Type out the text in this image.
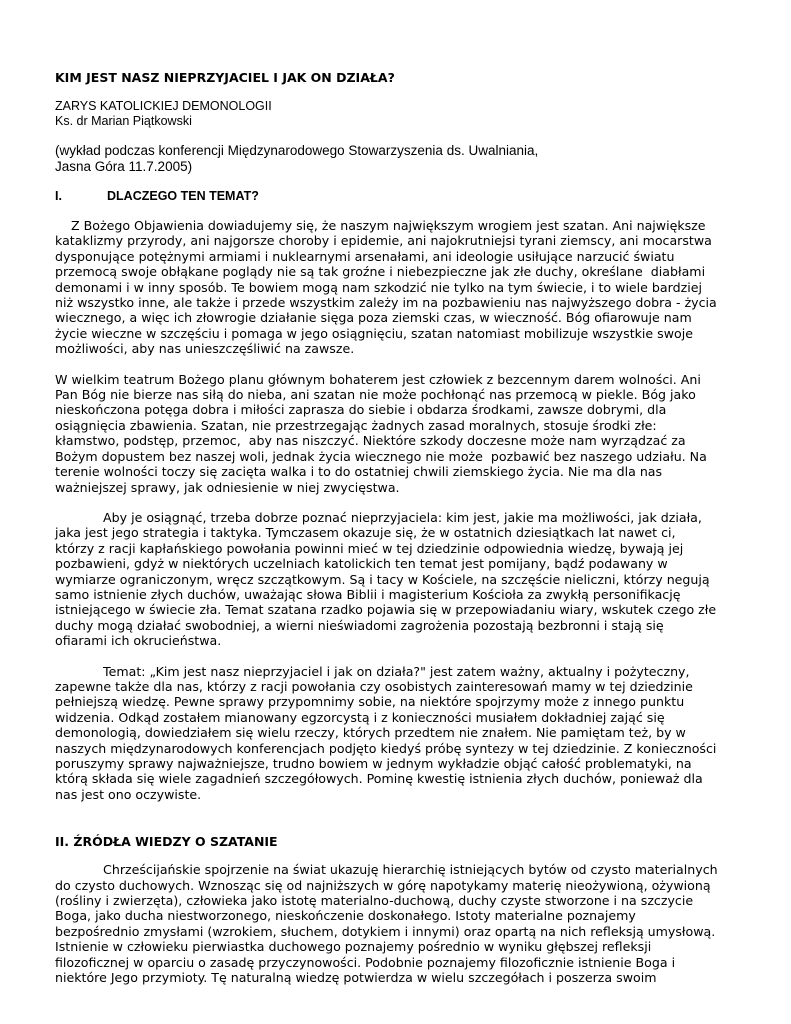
KIM JEST NASZ NIEPRZYJACIEL I JAK ON DZIAŁA?
ZARYS KATOLICKIEJ DEMONOLOGII
Ks. dr Marian Piątkowski
(wykład podczas konferencji Międzynarodowego Stowarzyszenia ds. Uwalniania,
Jasna Góra 11.7.2005)
I.	DLACZEGO TEN TEMAT?
Z Bożego Objawienia dowiadujemy się, że naszym największym wrogiem jest szatan. Ani największe
kataklizmy przyrody, ani najgorsze choroby i epidemie, ani najokrutniejsi tyrani ziemscy, ani mocarstwa
dysponujące potężnymi armiami i nuklearnymi arsenałami, ani ideologie usiłujące narzucić światu
przemocą swoje obłąkane poglądy nie są tak groźne i niebezpieczne jak złe duchy, określane  diabłami
demonami i w inny sposób. Te bowiem mogą nam szkodzić nie tylko na tym świecie, i to wiele bardziej
niż wszystko inne, ale także i przede wszystkim zależy im na pozbawieniu nas najwyższego dobra - życia
wiecznego, a więc ich złowrogie działanie sięga poza ziemski czas, w wieczność. Bóg ofiarowuje nam
życie wieczne w szczęściu i pomaga w jego osiągnięciu, szatan natomiast mobilizuje wszystkie swoje
możliwości, aby nas unieszczęśliwić na zawsze.
W wielkim teatrum Bożego planu głównym bohaterem jest człowiek z bezcennym darem wolności. Ani
Pan Bóg nie bierze nas siłą do nieba, ani szatan nie może pochłonąć nas przemocą w piekle. Bóg jako
nieskończona potęga dobra i miłości zaprasza do siebie i obdarza środkami, zawsze dobrymi, dla
osiągnięcia zbawienia. Szatan, nie przestrzegając żadnych zasad moralnych, stosuje środki złe:
kłamstwo, podstęp, przemoc,  aby nas niszczyć. Niektóre szkody doczesne może nam wyrządzać za
Bożym dopustem bez naszej woli, jednak życia wiecznego nie może  pozbawić bez naszego udziału. Na
terenie wolności toczy się zacięta walka i to do ostatniej chwili ziemskiego życia. Nie ma dla nas
ważniejszej sprawy, jak odniesienie w niej zwycięstwa.
Aby je osiągnąć, trzeba dobrze poznać nieprzyjaciela: kim jest, jakie ma możliwości, jak działa,
jaka jest jego strategia i taktyka. Tymczasem okazuje się, że w ostatnich dziesiątkach lat nawet ci,
którzy z racji kapłańskiego powołania powinni mieć w tej dziedzinie odpowiednia wiedzę, bywają jej
pozbawieni, gdyż w niektórych uczelniach katolickich ten temat jest pomijany, bądź podawany w
wymiarze ograniczonym, wręcz szczątkowym. Są i tacy w Kościele, na szczęście nieliczni, którzy negują
samo istnienie złych duchów, uważając słowa Biblii i magisterium Kościoła za zwykłą personifikację
istniejącego w świecie zła. Temat szatana rzadko pojawia się w przepowiadaniu wiary, wskutek czego złe
duchy mogą działać swobodniej, a wierni nieświadomi zagrożenia pozostają bezbronni i stają się
ofiarami ich okrucieństwa.
Temat: „Kim jest nasz nieprzyjaciel i jak on działa?" jest zatem ważny, aktualny i pożyteczny,
zapewne także dla nas, którzy z racji powołania czy osobistych zainteresowań mamy w tej dziedzinie
pełniejszą wiedzę. Pewne sprawy przypomnimy sobie, na niektóre spojrzymy może z innego punktu
widzenia. Odkąd zostałem mianowany egzorcystą i z konieczności musiałem dokładniej zająć się
demonologią, dowiedziałem się wielu rzeczy, których przedtem nie znałem. Nie pamiętam też, by w
naszych międzynarodowych konferencjach podjęto kiedyś próbę syntezy w tej dziedzinie. Z konieczności
poruszymy sprawy najważniejsze, trudno bowiem w jednym wykładzie objąć całość problematyki, na
którą składa się wiele zagadnień szczegółowych. Pominę kwestię istnienia złych duchów, ponieważ dla
nas jest ono oczywiste.
II. ŹRÓDŁA WIEDZY O SZATANIE
Chrześcijańskie spojrzenie na świat ukazuję hierarchię istniejących bytów od czysto materialnych
do czysto duchowych. Wznosząc się od najniższych w górę napotykamy materię nieożywioną, ożywioną
(rośliny i zwierzęta), człowieka jako istotę materialno-duchową, duchy czyste stworzone i na szczycie
Boga, jako ducha niestworzonego, nieskończenie doskonałego. Istoty materialne poznajemy
bezpośrednio zmysłami (wzrokiem, słuchem, dotykiem i innymi) oraz opartą na nich refleksją umysłową.
Istnienie w człowieku pierwiastka duchowego poznajemy pośrednio w wyniku głębszej refleksji
filozoficznej w oparciu o zasadę przyczynowości. Podobnie poznajemy filozoficznie istnienie Boga i
niektóre Jego przymioty. Tę naturalną wiedzę potwierdza w wielu szczegółach i poszerza swoim
